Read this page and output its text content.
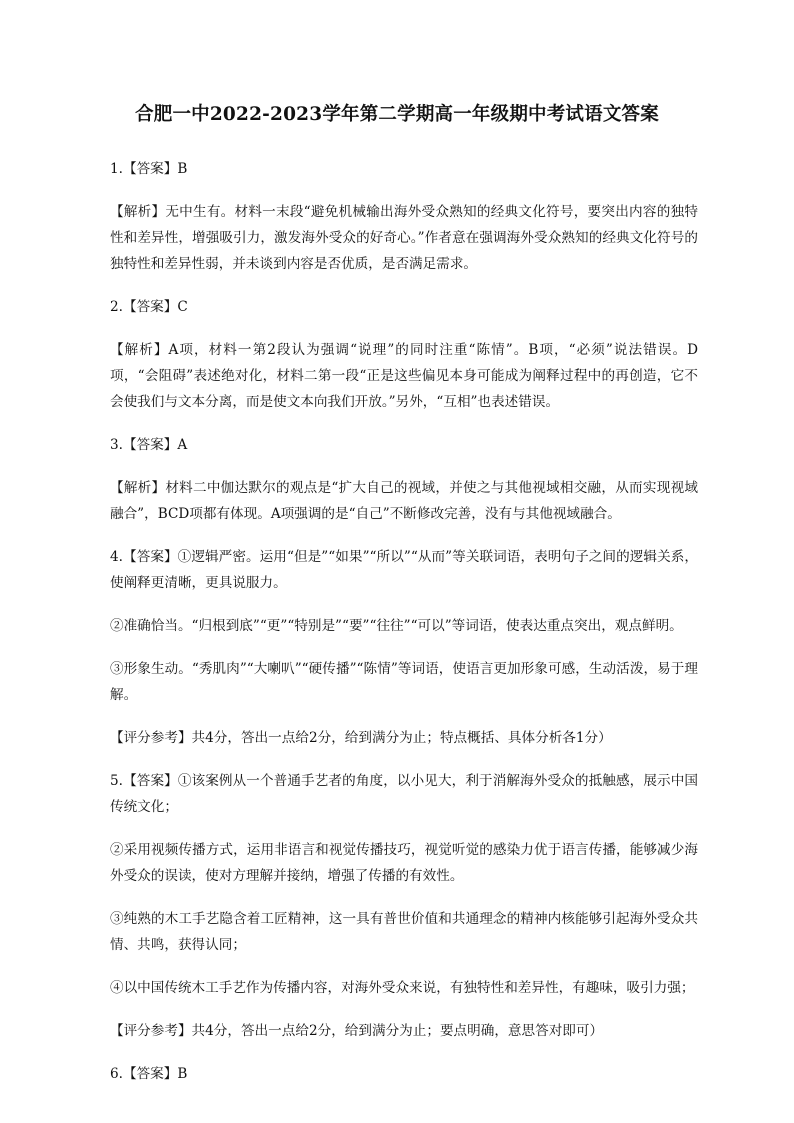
合肥一中2022-2023学年第二学期高一年级期中考试语文答案

1.【答案】B

【解析】无中生有。材料一末段“避免机械输出海外受众熟知的经典文化符号，要突出内容的独特性和差异性，增强吸引力，激发海外受众的好奇心。”作者意在强调海外受众熟知的经典文化符号的独特性和差异性弱，并未谈到内容是否优质，是否满足需求。

2.【答案】C

【解析】A项，材料一第2段认为强调“说理”的同时注重“陈情”。B项，“必须”说法错误。D项，“会阻碍”表述绝对化，材料二第一段“正是这些偏见本身可能成为阐释过程中的再创造，它不会使我们与文本分离，而是使文本向我们开放。”另外，“互相”也表述错误。

3.【答案】A

【解析】材料二中伽达默尔的观点是“扩大自己的视域，并使之与其他视域相交融，从而实现视域融合”，BCD项都有体现。A项强调的是“自己”不断修改完善，没有与其他视域融合。

4.【答案】①逻辑严密。运用“但是”“如果”“所以”“从而”等关联词语，表明句子之间的逻辑关系，使阐释更清晰，更具说服力。

②准确恰当。“归根到底”“更”“特别是”“要”“往往”“可以”等词语，使表达重点突出，观点鲜明。

③形象生动。“秀肌肉”“大喇叭”“硬传播”“陈情”等词语，使语言更加形象可感，生动活泼，易于理解。

【评分参考】共4分，答出一点给2分，给到满分为止；特点概括、具体分析各1分）

5.【答案】①该案例从一个普通手艺者的角度，以小见大，利于消解海外受众的抵触感，展示中国传统文化；

②采用视频传播方式，运用非语言和视觉传播技巧，视觉听觉的感染力优于语言传播，能够减少海外受众的误读，使对方理解并接纳，增强了传播的有效性。

③纯熟的木工手艺隐含着工匠精神，这一具有普世价值和共通理念的精神内核能够引起海外受众共情、共鸣，获得认同；

④以中国传统木工手艺作为传播内容，对海外受众来说，有独特性和差异性，有趣味，吸引力强；

【评分参考】共4分，答出一点给2分，给到满分为止；要点明确，意思答对即可）

6.【答案】B
